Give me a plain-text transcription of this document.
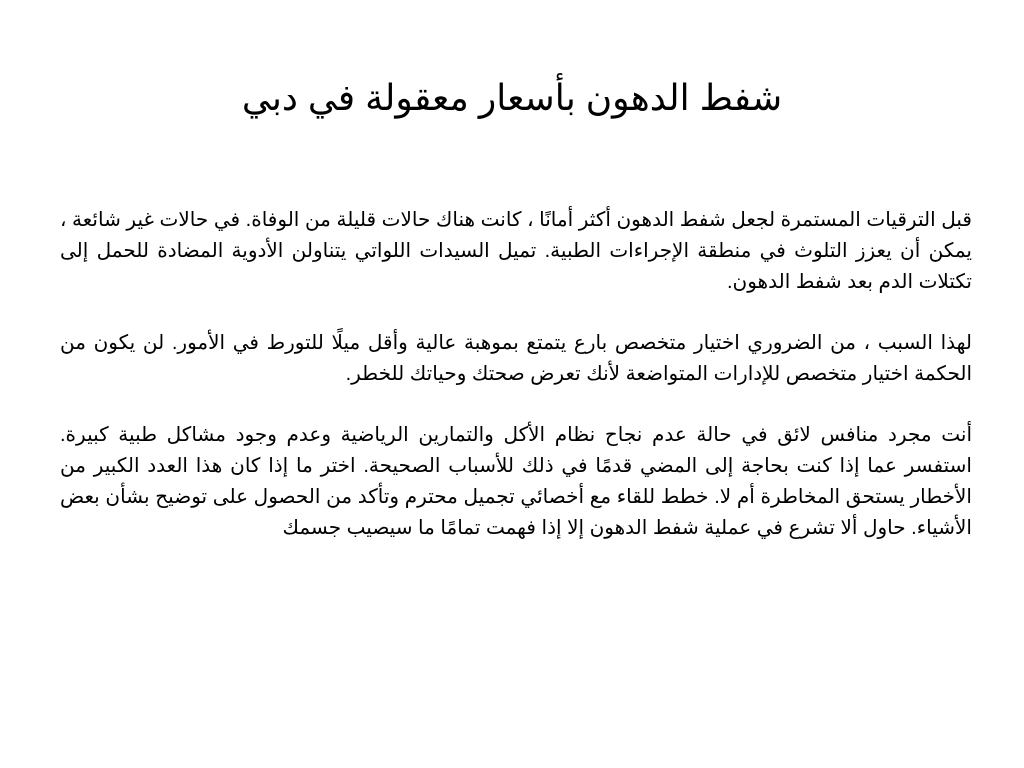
شفط الدهون بأسعار معقولة في دبي

قبل الترقيات المستمرة لجعل شفط الدهون أكثر أمانًا ، كانت هناك حالات قليلة من الوفاة. في حالات غير شائعة ، يمكن أن يعزز التلوث في منطقة الإجراءات الطبية. تميل السيدات اللواتي يتناولن الأدوية المضادة للحمل إلى تكتلات الدم بعد شفط الدهون.

لهذا السبب ، من الضروري اختيار متخصص بارع يتمتع بموهبة عالية وأقل ميلًا للتورط في الأمور. لن يكون من الحكمة اختيار متخصص للإدارات المتواضعة لأنك تعرض صحتك وحياتك للخطر.

أنت مجرد منافس لائق في حالة عدم نجاح نظام الأكل والتمارين الرياضية وعدم وجود مشاكل طبية كبيرة. استفسر عما إذا كنت بحاجة إلى المضي قدمًا في ذلك للأسباب الصحيحة. اختر ما إذا كان هذا العدد الكبير من الأخطار يستحق المخاطرة أم لا. خطط للقاء مع أخصائي تجميل محترم وتأكد من الحصول على توضيح بشأن بعض الأشياء. حاول ألا تشرع في عملية شفط الدهون إلا إذا فهمت تمامًا ما سيصيب جسمك
